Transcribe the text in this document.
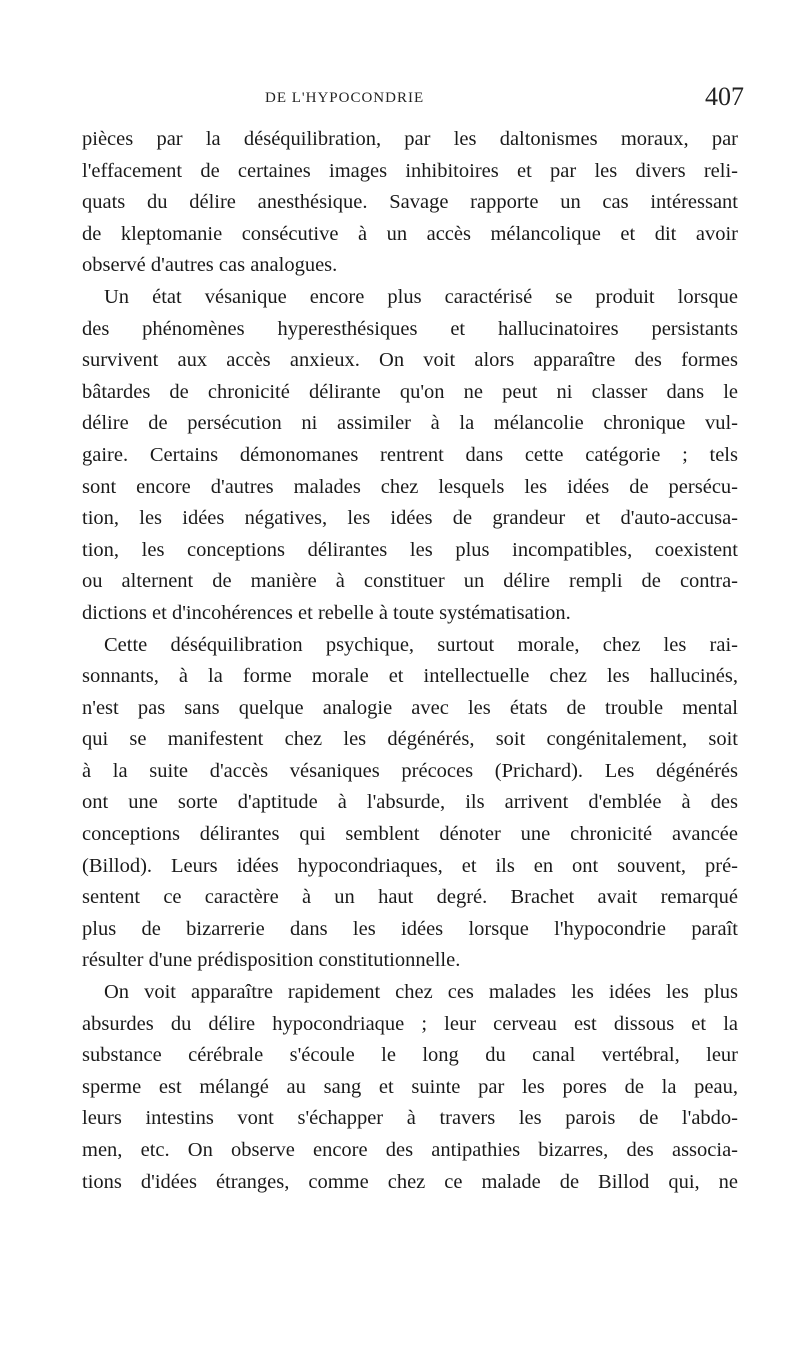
DE L'HYPOCONDRIE	407
pièces par la déséquilibration, par les daltonismes moraux, par
l'effacement de certaines images inhibitoires et par les divers reli-
quats du délire anesthésique. Savage rapporte un cas intéressant
de kleptomanie consécutive à un accès mélancolique et dit avoir
observé d'autres cas analogues.
Un état vésanique encore plus caractérisé se produit lorsque
des phénomènes hyperesthésiques et hallucinatoires persistants
survivent aux accès anxieux. On voit alors apparaître des formes
bâtardes de chronicité délirante qu'on ne peut ni classer dans le
délire de persécution ni assimiler à la mélancolie chronique vul-
gaire. Certains démonomanes rentrent dans cette catégorie ; tels
sont encore d'autres malades chez lesquels les idées de persécu-
tion, les idées négatives, les idées de grandeur et d'auto-accusa-
tion, les conceptions délirantes les plus incompatibles, coexistent
ou alternent de manière à constituer un délire rempli de contra-
dictions et d'incohérences et rebelle à toute systématisation.
Cette déséquilibration psychique, surtout morale, chez les rai-
sonnants, à la forme morale et intellectuelle chez les hallucinés,
n'est pas sans quelque analogie avec les états de trouble mental
qui se manifestent chez les dégénérés, soit congénitalement, soit
à la suite d'accès vésaniques précoces (Prichard). Les dégénérés
ont une sorte d'aptitude à l'absurde, ils arrivent d'emblée à des
conceptions délirantes qui semblent dénoter une chronicité avancée
(Billod). Leurs idées hypocondriaques, et ils en ont souvent, pré-
sentent ce caractère à un haut degré. Brachet avait remarqué
plus de bizarrerie dans les idées lorsque l'hypocondrie paraît
résulter d'une prédisposition constitutionnelle.
On voit apparaître rapidement chez ces malades les idées les plus
absurdes du délire hypocondriaque ; leur cerveau est dissous et la
substance cérébrale s'écoule le long du canal vertébral, leur
sperme est mélangé au sang et suinte par les pores de la peau,
leurs intestins vont s'échapper à travers les parois de l'abdo-
men, etc. On observe encore des antipathies bizarres, des associa-
tions d'idées étranges, comme chez ce malade de Billod qui, ne
